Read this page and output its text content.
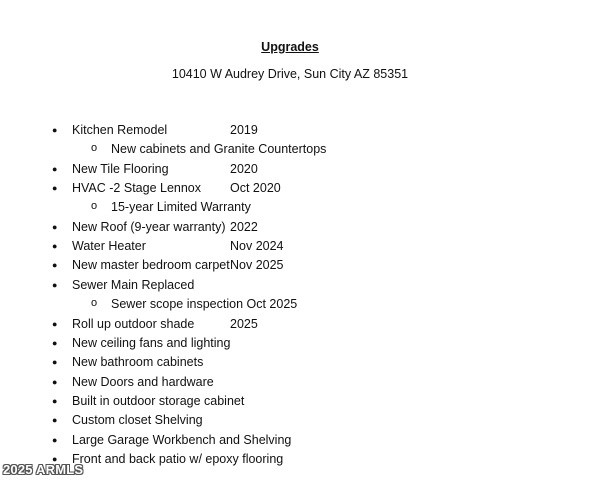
Upgrades
10410 W Audrey Drive, Sun City AZ 85351
● Kitchen Remodel	2019
o New cabinets and Granite Countertops
● New Tile Flooring	2020
● HVAC -2 Stage Lennox Oct 2020
o 15-year Limited Warranty
● New Roof (9-year warranty) 2022
● Water Heater	Nov 2024
● New master bedroom carpet Nov 2025
● Sewer Main Replaced
o Sewer scope inspection Oct 2025
● Roll up outdoor shade	2025
● New ceiling fans and lighting
● New bathroom cabinets
● New Doors and hardware
● Built in outdoor storage cabinet
● Custom closet Shelving
● Large Garage Workbench and Shelving
● Front and back patio w/ epoxy flooring
2025 ARMLS
